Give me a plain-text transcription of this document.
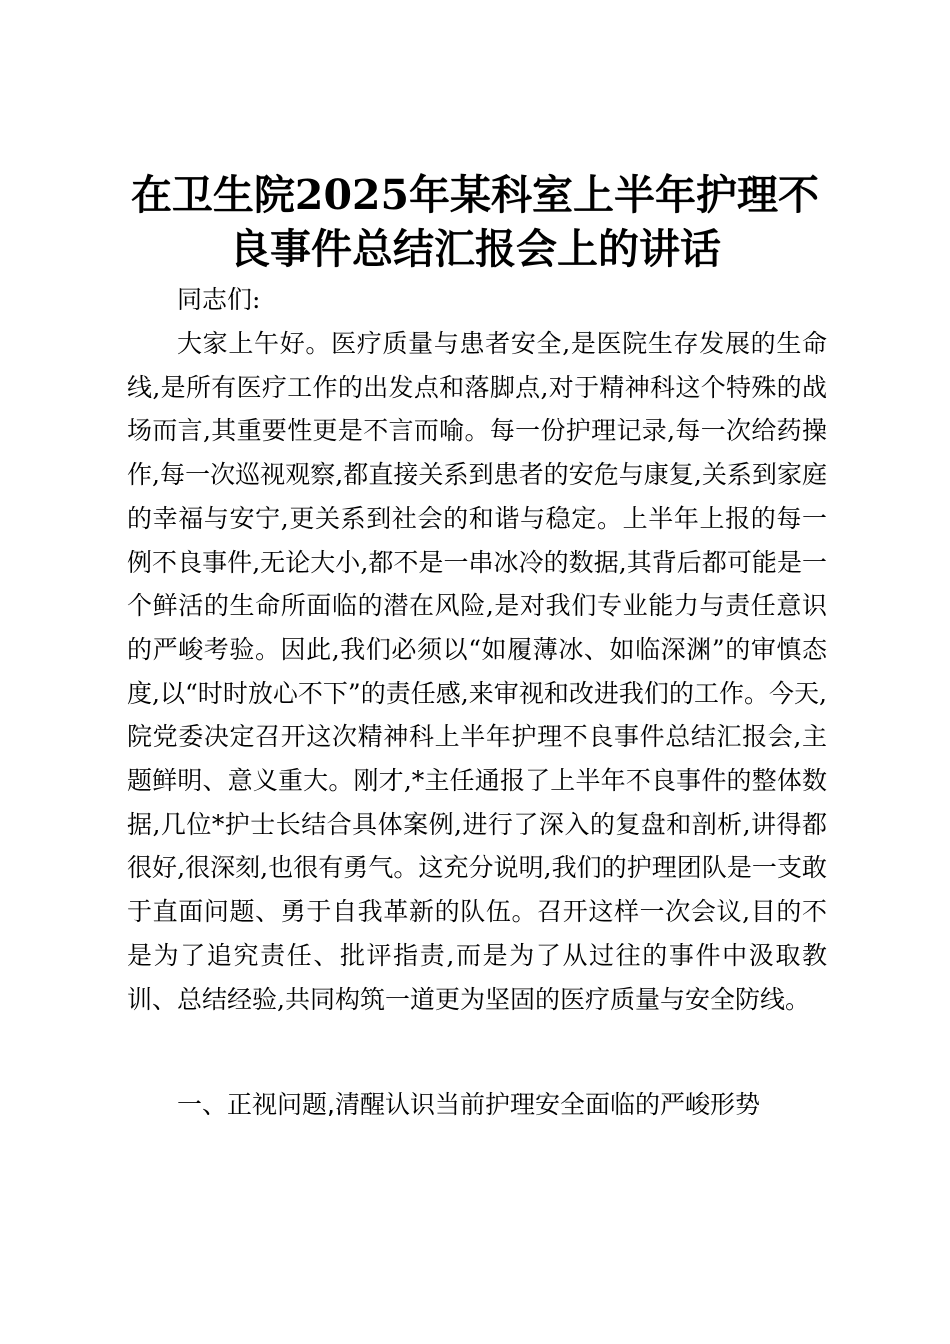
在卫生院2025年某科室上半年护理不良事件总结汇报会上的讲话

同志们:

大家上午好。医疗质量与患者安全,是医院生存发展的生命线,是所有医疗工作的出发点和落脚点,对于精神科这个特殊的战场而言,其重要性更是不言而喻。每一份护理记录,每一次给药操作,每一次巡视观察,都直接关系到患者的安危与康复,关系到家庭的幸福与安宁,更关系到社会的和谐与稳定。上半年上报的每一例不良事件,无论大小,都不是一串冰冷的数据,其背后都可能是一个鲜活的生命所面临的潜在风险,是对我们专业能力与责任意识的严峻考验。因此,我们必须以“如履薄冰、如临深渊”的审慎态度,以“时时放心不下”的责任感,来审视和改进我们的工作。今天,院党委决定召开这次精神科上半年护理不良事件总结汇报会,主题鲜明、意义重大。刚才,*主任通报了上半年不良事件的整体数据,几位*护士长结合具体案例,进行了深入的复盘和剖析,讲得都很好,很深刻,也很有勇气。这充分说明,我们的护理团队是一支敢于直面问题、勇于自我革新的队伍。召开这样一次会议,目的不是为了追究责任、批评指责,而是为了从过往的事件中汲取教训、总结经验,共同构筑一道更为坚固的医疗质量与安全防线。

一、正视问题,清醒认识当前护理安全面临的严峻形势
